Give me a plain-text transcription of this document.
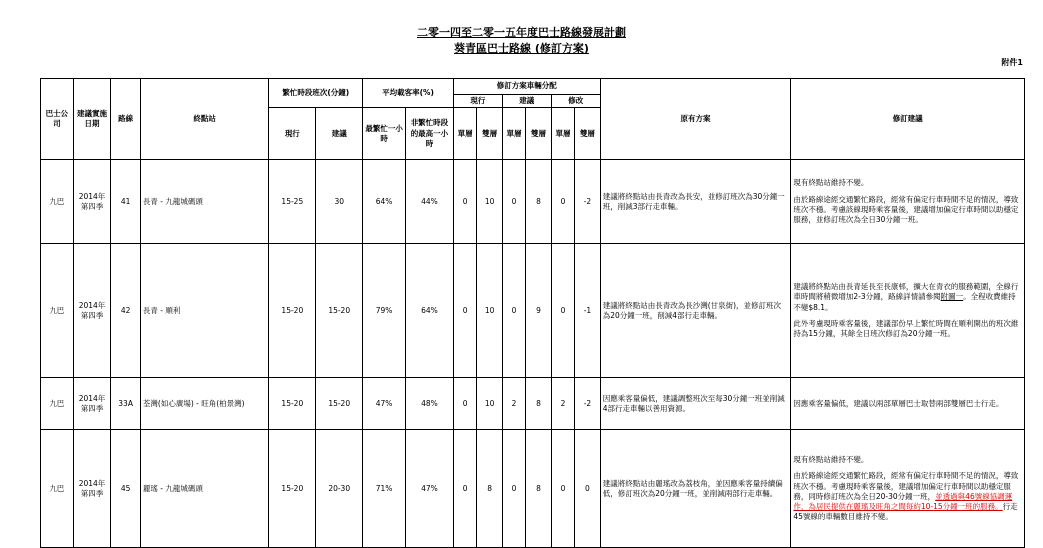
二零一四至二零一五年度巴士路線發展計劃
葵青區巴士路線 (修訂方案)
附件1
巴士公司	建議實施日期	路線	終點站	繁忙時段班次(分鐘)		平均載客率(%)		修訂方案車輛分配						原有方案	修訂建議
								現行		建議		修改			
				現行	建議	最繁忙一小時	非繁忙時段的最高一小時	單層	雙層	單層	雙層	單層	雙層		
九巴	2014年第四季	41	長青 - 九龍城碼頭	15-25	30	64%	44%	0	10	0	8	0	-2	建議將終點站由長青改為長安，並修訂班次為30分鐘一班，削減3部行走車輛。	現有終點站維持不變。

由於路線途經交通繁忙路段，經常有偏定行車時間不足的情況，導致班次不穩。考慮該線現時乘客量後，建議增加偏定行車時間以助穩定服務，並修訂班次為全日30分鐘一班。

九巴	2014年第四季	42	長青 - 順利	15-20	15-20	79%	64%	0	10	0	9	0	-1	建議將終點站由長青改為長沙灣(甘泉街)，並修訂班次為20分鐘一班，削減4部行走車輛。	建議將終點站由長青延長至長康邨，擴大在青衣的服務範圍，全線行車時間將稍微增加2-3分鐘，路線詳情請參閱附圖一。全程收費維持不變$8.1。

此外考慮現時乘客量後，建議部份早上繁忙時間在順利開出的班次維持為15分鐘，其餘全日班次修訂為20分鐘一班。

九巴	2014年第四季	33A	荃灣(如心廣場) - 旺角(柏景灣)	15-20	15-20	47%	48%	0	10	2	8	2	-2	因應乘客量偏低，建議調整班次至每30分鐘一班並削減4部行走車輛以善用資源。	因應乘客量偏低，建議以兩部單層巴士取替兩部雙層巴士行走。

九巴	2014年第四季	45	麗瑤 - 九龍城碼頭	15-20	20-30	71%	47%	0	8	0	8	0	0	建議將終點站由麗瑤改為荔枝角，並因應乘客量持續偏低，修訂班次為20分鐘一班，並削減兩部行走車輛。	現有終點站維持不變。

由於路線途經交通繁忙路段，經常有偏定行車時間不足的情況，導致班次不穩。考慮現時乘客量後，建議增加偏定行車時間以助穩定服務，同時修訂班次為全日20-30分鐘一班，並透過與46號線協調運作，為居民提供在麗瑤及旺角之間每約10-15分鐘一班的服務。行走45號線的車輛數目維持不變。
